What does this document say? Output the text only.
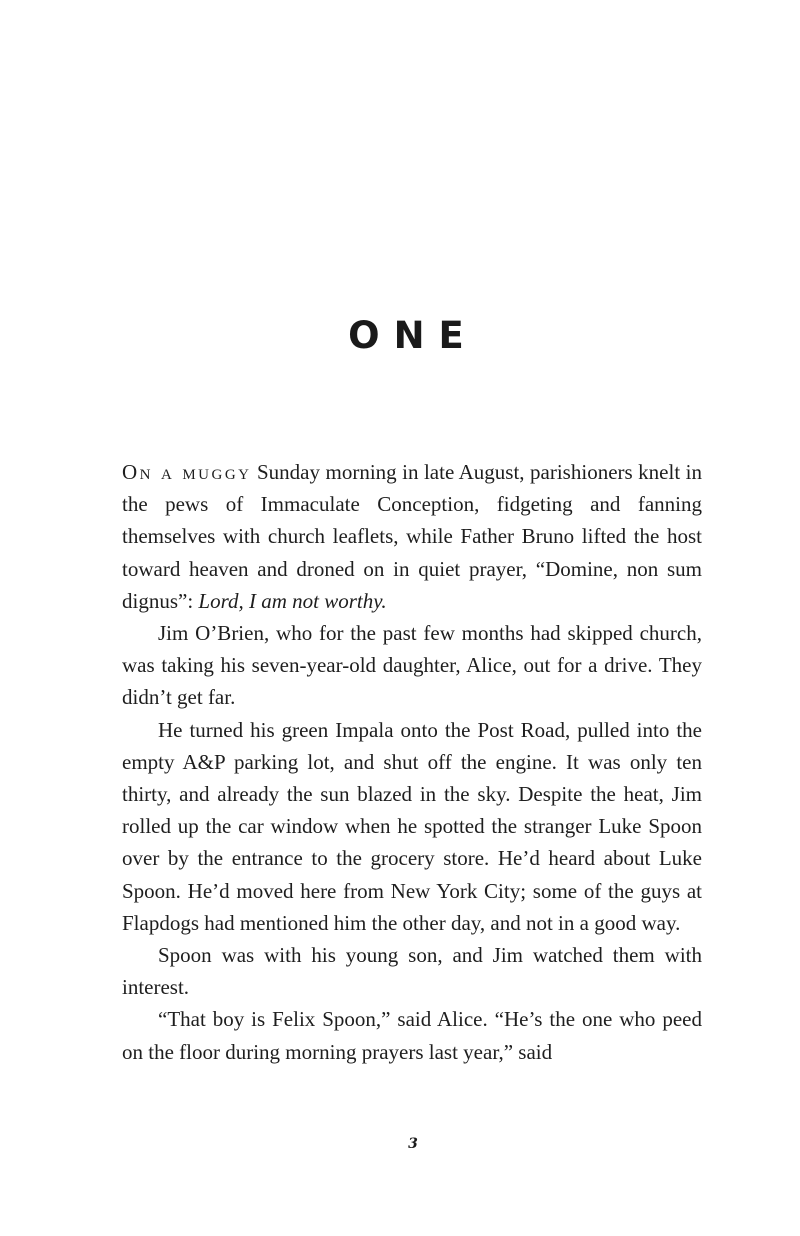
ONE

On a muggy Sunday morning in late August, parishioners knelt in the pews of Immaculate Conception, fidgeting and fanning themselves with church leaflets, while Father Bruno lifted the host toward heaven and droned on in quiet prayer, “Domine, non sum dignus”: Lord, I am not worthy.

Jim O’Brien, who for the past few months had skipped church, was taking his seven-year-old daughter, Alice, out for a drive. They didn’t get far.

He turned his green Impala onto the Post Road, pulled into the empty A&P parking lot, and shut off the engine. It was only ten thirty, and already the sun blazed in the sky. Despite the heat, Jim rolled up the car window when he spotted the stranger Luke Spoon over by the entrance to the grocery store. He’d heard about Luke Spoon. He’d moved here from New York City; some of the guys at Flapdogs had mentioned him the other day, and not in a good way.

Spoon was with his young son, and Jim watched them with interest.

“That boy is Felix Spoon,” said Alice. “He’s the one who peed on the floor during morning prayers last year,” said

3
